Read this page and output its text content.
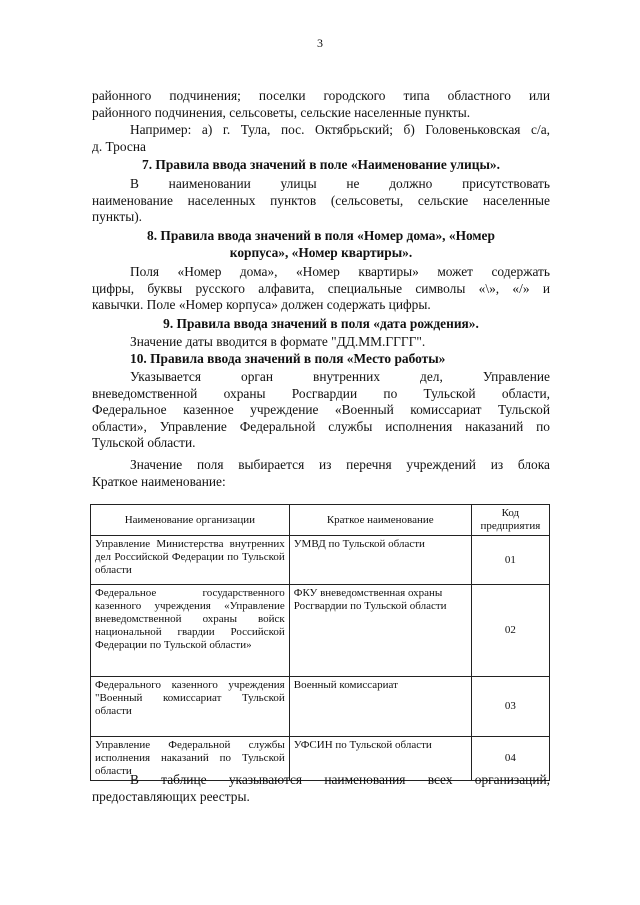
3
районного подчинения; поселки городского типа областного или
районного подчинения, сельсоветы, сельские населенные пункты.
Например: а) г. Тула, пос. Октябрьский; б) Головеньковская с/а,
д. Тросна
7. Правила ввода значений в поле «Наименование улицы».
В наименовании улицы не должно присутствовать
наименование населенных пунктов (сельсоветы, сельские населенные
пункты).
8. Правила ввода значений в поля «Номер дома», «Номер
корпуса», «Номер квартиры».
Поля «Номер дома», «Номер квартиры» может содержать
цифры, буквы русского алфавита, специальные символы «\», «/» и
кавычки. Поле «Номер корпуса» должен содержать цифры.
9. Правила ввода значений в поля «дата рождения».
Значение даты вводится в формате "ДД.ММ.ГГГГ".
10. Правила ввода значений в поля «Место работы»
Указывается орган внутренних дел, Управление
вневедомственной охраны Росгвардии по Тульской области,
Федеральное казенное учреждение «Военный комиссариат Тульской
области», Управление Федеральной службы исполнения наказаний по
Тульской области.
Значение поля выбирается из перечня учреждений из блока
Краткое наименование:
Наименование организации	Краткое наименование	Код предприятия
Управление Министерства внутренних дел Российской Федерации по Тульской области	УМВД по Тульской области	01
Федеральное государственного казенного учреждения «Управление вневедомственной охраны войск национальной гвардии Российской Федерации по Тульской области»	ФКУ вневедомственная охраны Росгвардии по Тульской области	02
Федерального казенного учреждения "Военный комиссариат Тульской области	Военный комиссариат	03
Управление Федеральной службы исполнения наказаний по Тульской области	УФСИН по Тульской области	04
В таблице указываются наименования всех организаций,
предоставляющих реестры.
